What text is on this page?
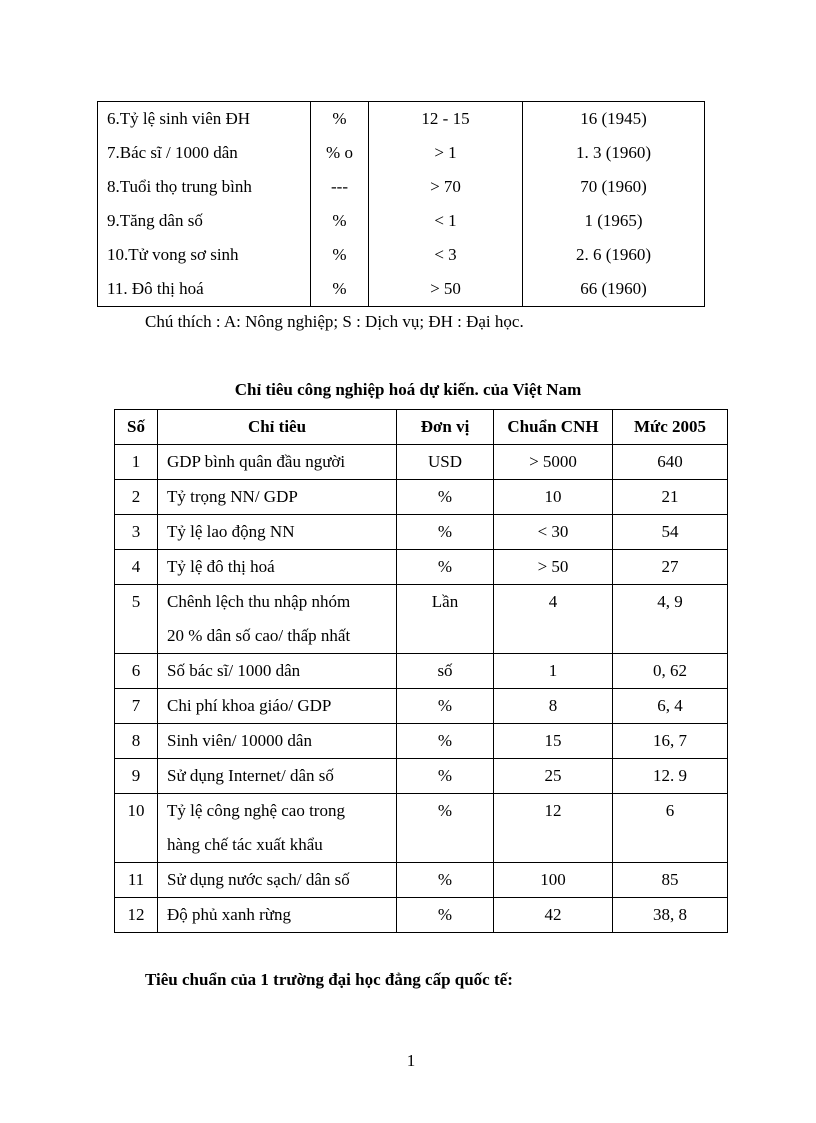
6.Tỷ lệ sinh viên ĐH	%	12 - 15	16 (1945)
7.Bác sĩ / 1000 dân	% o	> 1	1. 3 (1960)
8.Tuổi thọ trung bình	---	> 70	70 (1960)
9.Tăng dân số	%	< 1	1 (1965)
10.Tử vong sơ sinh	%	< 3	2. 6 (1960)
11. Đô thị hoá	%	> 50	66 (1960)
Chú thích : A: Nông nghiệp; S : Dịch vụ; ĐH : Đại học.
Chỉ tiêu công nghiệp hoá dự kiến. của Việt Nam
Số	Chỉ tiêu	Đơn vị	Chuẩn CNH	Mức 2005
1	GDP bình quân đầu người	USD	> 5000	640
2	Tỷ trọng NN/ GDP	%	10	21
3	Tỷ lệ lao động NN	%	< 30	54
4	Tỷ lệ đô thị hoá	%	> 50	27
5	Chênh lệch thu nhập nhóm
20 % dân số cao/ thấp nhất	Lần	4	4, 9
6	Số bác sĩ/ 1000 dân	số	1	0, 62
7	Chi phí khoa giáo/ GDP	%	8	6, 4
8	Sinh viên/ 10000 dân	%	15	16, 7
9	Sử dụng Internet/ dân số	%	25	12. 9
10	Tỷ lệ công nghệ cao trong
hàng chế tác xuất khẩu	%	12	6
11	Sử dụng nước sạch/ dân số	%	100	85
12	Độ phủ xanh rừng	%	42	38, 8
Tiêu chuẩn của 1 trường đại học đẳng cấp quốc tế:
1
